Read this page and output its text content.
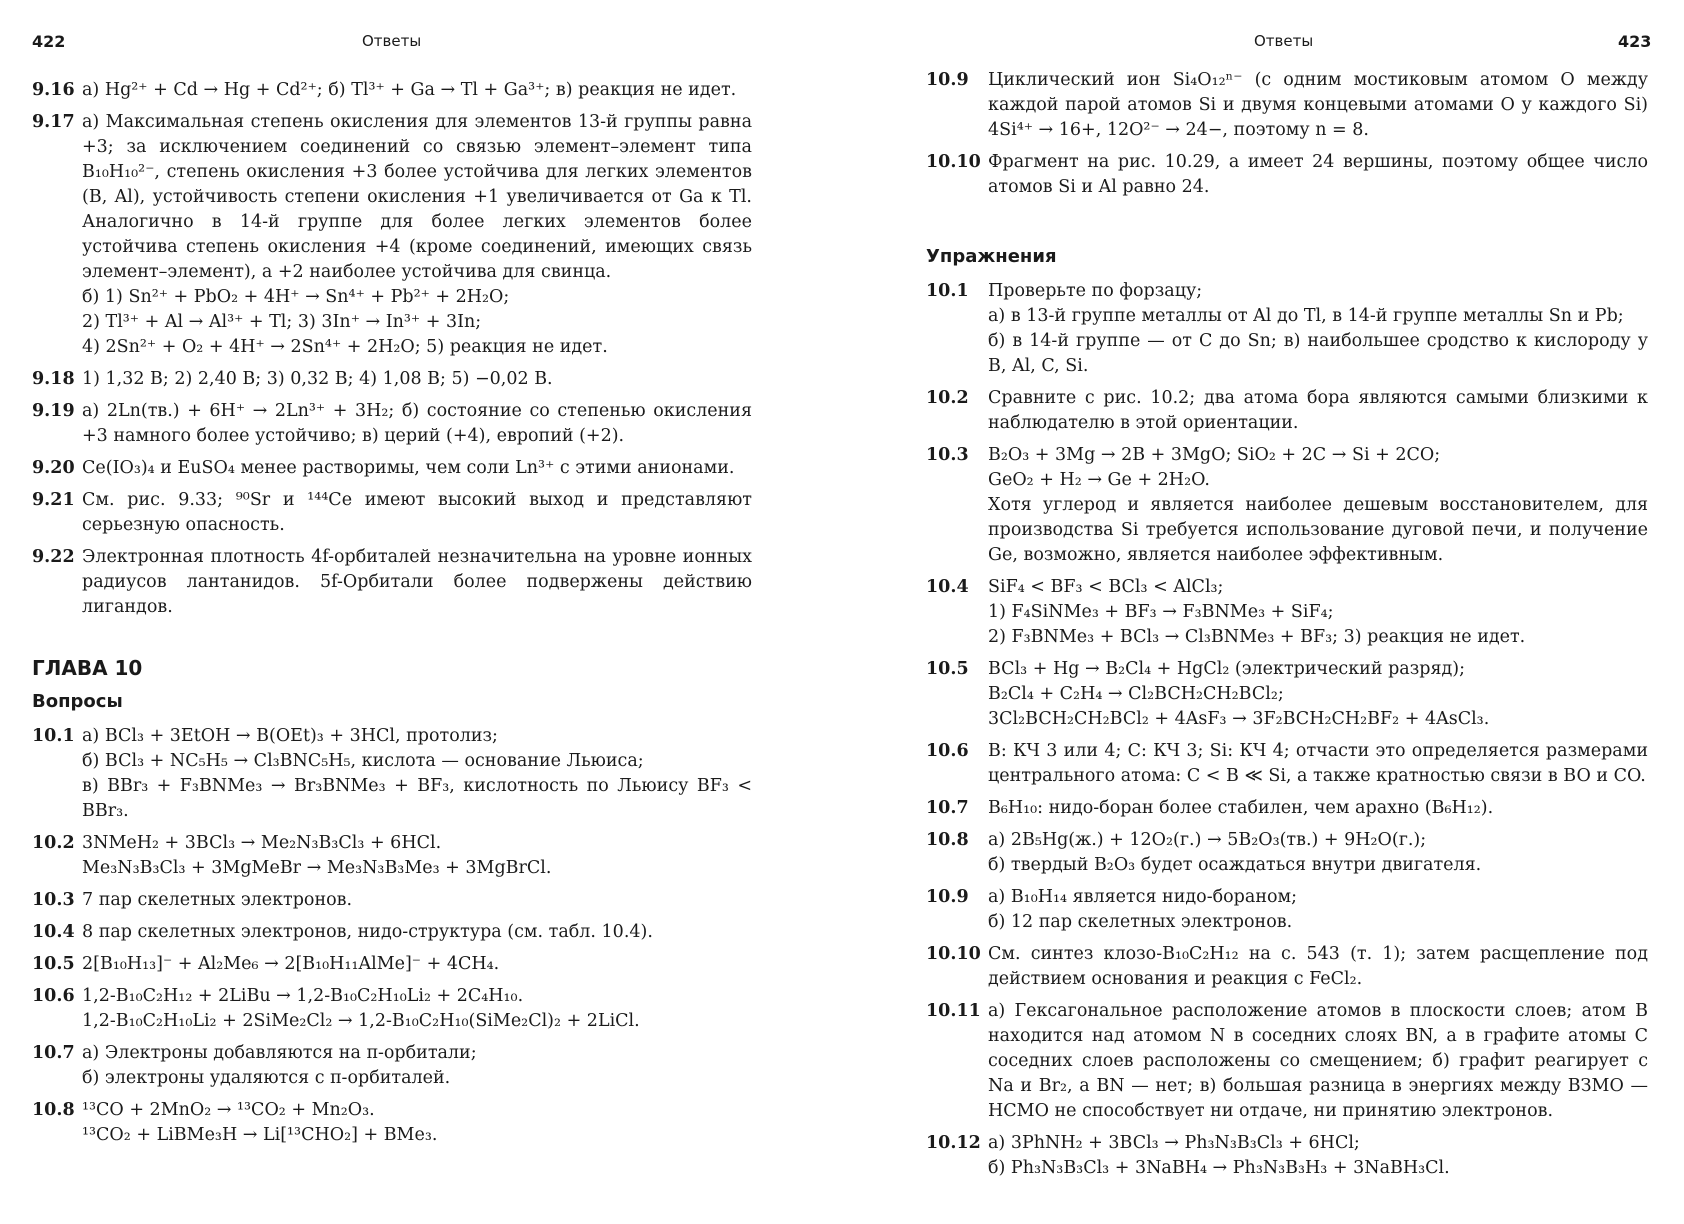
422	Ответы
9.16 а) Hg²⁺ + Cd → Hg + Cd²⁺; б) Tl³⁺ + Ga → Tl + Ga³⁺; в) реакция не идет.
9.17 а) Максимальная степень окисления для элементов 13-й группы равна +3; за исключением соединений со связью элемент–элемент типа B₁₀H₁₀²⁻, степень окисления +3 более устойчива для легких элементов (B, Al), устойчивость степени окисления +1 увеличивается от Ga к Tl. Аналогично в 14-й группе для более легких элементов более устойчива степень окисления +4 (кроме соединений, имеющих связь элемент–элемент), а +2 наиболее устойчива для свинца.
б) 1) Sn²⁺ + PbO₂ + 4H⁺ → Sn⁴⁺ + Pb²⁺ + 2H₂O;
2) Tl³⁺ + Al → Al³⁺ + Tl; 3) 3In⁺ → In³⁺ + 3In;
4) 2Sn²⁺ + O₂ + 4H⁺ → 2Sn⁴⁺ + 2H₂O; 5) реакция не идет.
9.18 1) 1,32 В; 2) 2,40 В; 3) 0,32 В; 4) 1,08 В; 5) −0,02 В.
9.19 а) 2Ln(тв.) + 6H⁺ → 2Ln³⁺ + 3H₂; б) состояние со степенью окисления +3 намного более устойчиво; в) церий (+4), европий (+2).
9.20 Ce(IO₃)₄ и EuSO₄ менее растворимы, чем соли Ln³⁺ с этими анионами.
9.21 См. рис. 9.33; ⁹⁰Sr и ¹⁴⁴Ce имеют высокий выход и представляют серьезную опасность.
9.22 Электронная плотность 4f-орбиталей незначительна на уровне ионных радиусов лантанидов. 5f-Орбитали более подвержены действию лигандов.
ГЛАВА 10
Вопросы
10.1 а) BCl₃ + 3EtOH → B(OEt)₃ + 3HCl, протолиз;
б) BCl₃ + NC₅H₅ → Cl₃BNC₅H₅, кислота — основание Льюиса;
в) BBr₃ + F₃BNMe₃ → Br₃BNMe₃ + BF₃, кислотность по Льюису BF₃ < BBr₃.
10.2 3NMeH₂ + 3BCl₃ → Me₂N₃B₃Cl₃ + 6HCl.
Me₃N₃B₃Cl₃ + 3MgMeBr → Me₃N₃B₃Me₃ + 3MgBrCl.
10.3 7 пар скелетных электронов.
10.4 8 пар скелетных электронов, нидо-структура (см. табл. 10.4).
10.5 2[B₁₀H₁₃]⁻ + Al₂Me₆ → 2[B₁₀H₁₁AlMe]⁻ + 4CH₄.
10.6 1,2-B₁₀C₂H₁₂ + 2LiBu → 1,2-B₁₀C₂H₁₀Li₂ + 2C₄H₁₀.
1,2-B₁₀C₂H₁₀Li₂ + 2SiMe₂Cl₂ → 1,2-B₁₀C₂H₁₀(SiMe₂Cl)₂ + 2LiCl.
10.7 а) Электроны добавляются на π-орбитали;
б) электроны удаляются с π-орбиталей.
10.8 ¹³CO + 2MnO₂ → ¹³CO₂ + Mn₂O₃.
¹³CO₂ + LiBMe₃H → Li[¹³CHO₂] + BMe₃.
Ответы	423
10.9	Циклический ион Si₄O₁₂ⁿ⁻ (с одним мостиковым атомом O между каждой парой атомов Si и двумя концевыми атомами O у каждого Si) 4Si⁴⁺ → 16+, 12O²⁻ → 24−, поэтому n = 8.
10.10 Фрагмент на рис. 10.29, а имеет 24 вершины, поэтому общее число атомов Si и Al равно 24.
Упражнения
10.1	Проверьте по форзацу;
а) в 13-й группе металлы от Al до Tl, в 14-й группе металлы Sn и Pb;
б) в 14-й группе — от C до Sn; в) наибольшее сродство к кислороду у B, Al, C, Si.
10.2	Сравните с рис. 10.2; два атома бора являются самыми близкими к наблюдателю в этой ориентации.
10.3	B₂O₃ + 3Mg → 2B + 3MgO; SiO₂ + 2C → Si + 2CO;
GeO₂ + H₂ → Ge + 2H₂O.
Хотя углерод и является наиболее дешевым восстановителем, для производства Si требуется использование дуговой печи, и получение Ge, возможно, является наиболее эффективным.
10.4	SiF₄ < BF₃ < BCl₃ < AlCl₃;
1) F₄SiNMe₃ + BF₃ → F₃BNMe₃ + SiF₄;
2) F₃BNMe₃ + BCl₃ → Cl₃BNMe₃ + BF₃; 3) реакция не идет.
10.5	BCl₃ + Hg → B₂Cl₄ + HgCl₂ (электрический разряд);
B₂Cl₄ + C₂H₄ → Cl₂BCH₂CH₂BCl₂;
3Cl₂BCH₂CH₂BCl₂ + 4AsF₃ → 3F₂BCH₂CH₂BF₂ + 4AsCl₃.
10.6	B: КЧ 3 или 4; C: КЧ 3; Si: КЧ 4; отчасти это определяется размерами центрального атома: C < B ≪ Si, а также кратностью связи в BO и CO.
10.7	B₆H₁₀: нидо-боран более стабилен, чем арахно (B₆H₁₂).
10.8	а) 2B₅Hg(ж.) + 12O₂(г.) → 5B₂O₃(тв.) + 9H₂O(г.);
б) твердый B₂O₃ будет осаждаться внутри двигателя.
10.9	а) B₁₀H₁₄ является нидо-бораном;
б) 12 пар скелетных электронов.
10.10 См. синтез клозо-B₁₀C₂H₁₂ на с. 543 (т. 1); затем расщепление под действием основания и реакция с FeCl₂.
10.11 а) Гексагональное расположение атомов в плоскости слоев; атом B находится над атомом N в соседних слоях BN, а в графите атомы C соседних слоев расположены со смещением; б) графит реагирует с Na и Br₂, а BN — нет; в) большая разница в энергиях между ВЗМО — НСМО не способствует ни отдаче, ни принятию электронов.
10.12 а) 3PhNH₂ + 3BCl₃ → Ph₃N₃B₃Cl₃ + 6HCl;
б) Ph₃N₃B₃Cl₃ + 3NaBH₄ → Ph₃N₃B₃H₃ + 3NaBH₃Cl.
